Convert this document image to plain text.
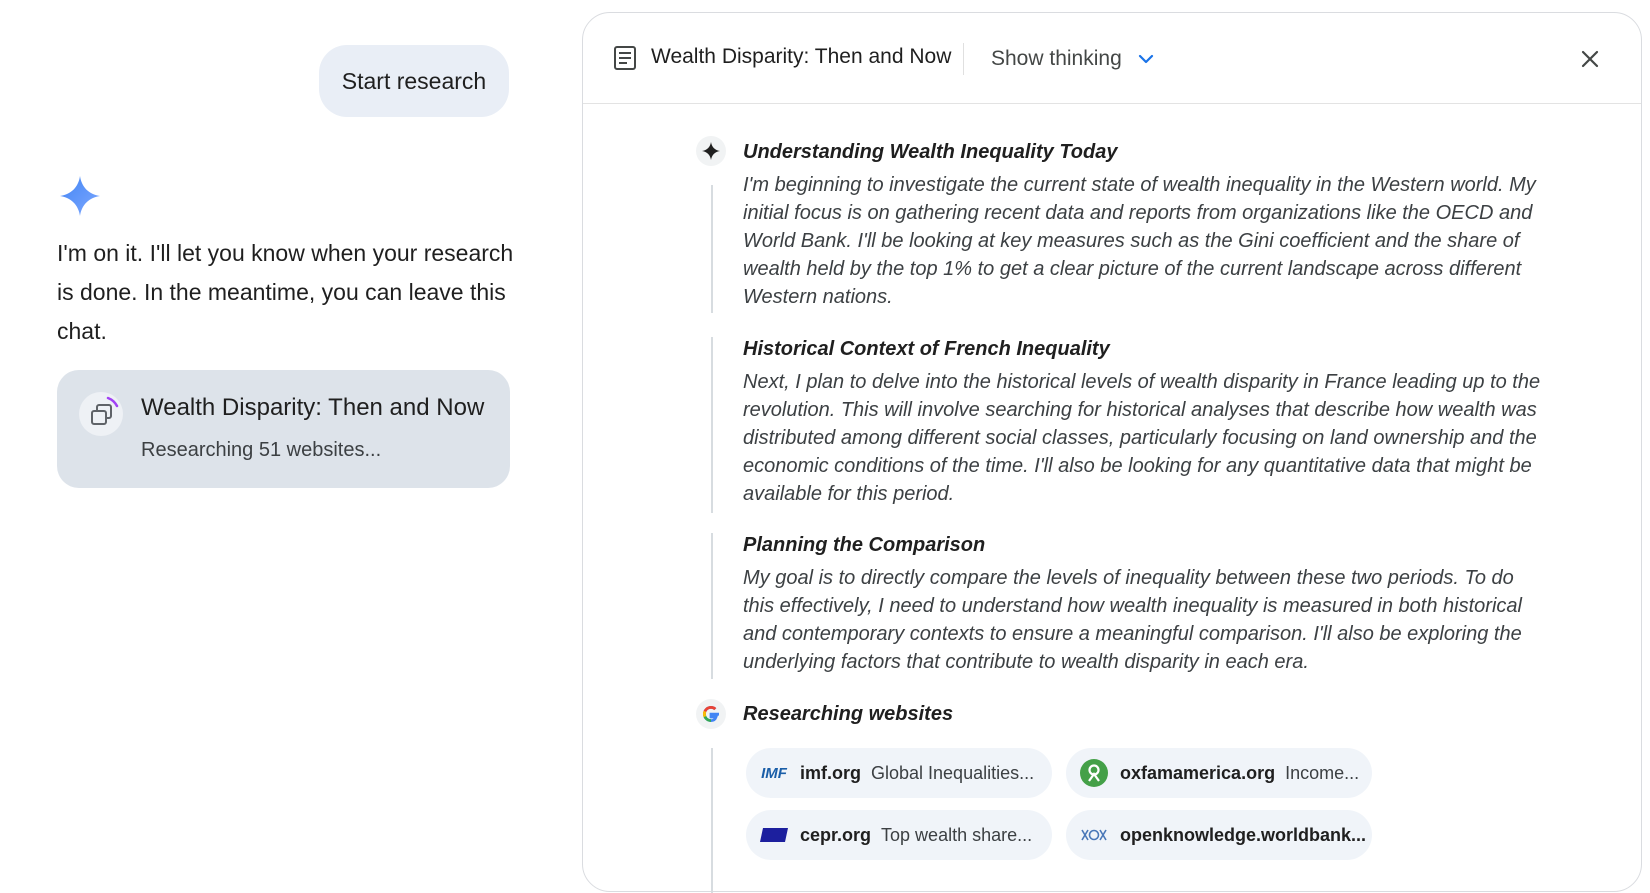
Start research

I'm on it. I'll let you know when your research is done. In the meantime, you can leave this chat.

Wealth Disparity: Then and Now
Researching 51 websites...
Wealth Disparity: Then and Now Show thinking
Understanding Wealth Inequality Today

I'm beginning to investigate the current state of wealth inequality in the Western world. My initial focus is on gathering recent data and reports from organizations like the OECD and World Bank. I'll be looking at key measures such as the Gini coefficient and the share of wealth held by the top 1% to get a clear picture of the current landscape across different Western nations.

Historical Context of French Inequality

Next, I plan to delve into the historical levels of wealth disparity in France leading up to the revolution. This will involve searching for historical analyses that describe how wealth was distributed among different social classes, particularly focusing on land ownership and the economic conditions of the time. I'll also be looking for any quantitative data that might be available for this period.

Planning the Comparison

My goal is to directly compare the levels of inequality between these two periods. To do this effectively, I need to understand how wealth inequality is measured in both historical and contemporary contexts to ensure a meaningful comparison. I'll also be exploring the underlying factors that contribute to wealth disparity in each era.

Researching websites
IMF imf.org Global Inequalities...	oxfamamerica.org Income...
cepr.org Top wealth share...	openknowledge.worldbank...
